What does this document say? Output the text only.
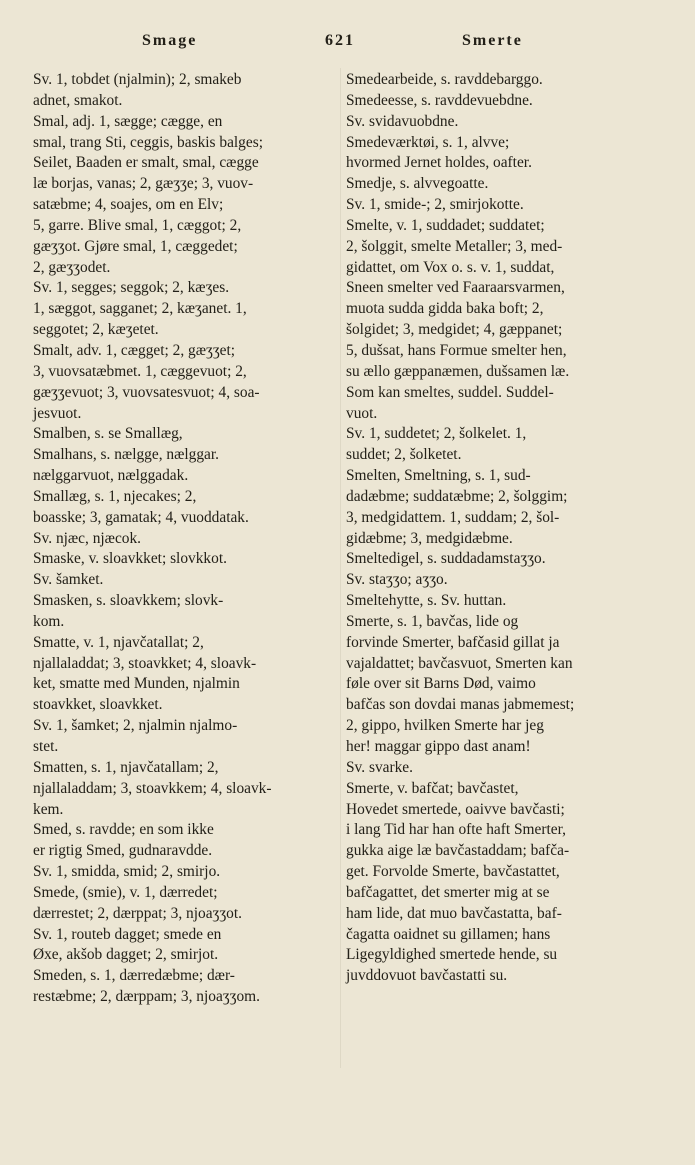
Smage	621	Smerte
Sv. 1, tobdet (njalmin); 2, smakeb
adnet, smakot.
Smal, adj. 1, sægge; cægge, en
smal, trang Sti, ceggis, baskis balges;
Seilet, Baaden er smalt, smal, cægge
læ borjas, vanas; 2, gæʒʒe; 3, vuov-
satæbme; 4, soajes, om en Elv;
5, garre. Blive smal, 1, cæggot; 2,
gæʒʒot. Gjøre smal, 1, cæggedet;
2, gæʒʒodet.
Sv. 1, segges; seggok; 2, kæʒes.
1, sæggot, sagganet; 2, kæʒanet. 1,
seggotet; 2, kæʒetet.
Smalt, adv. 1, cægget; 2, gæʒʒet;
3, vuovsatæbmet. 1, cæggevuot; 2,
gæʒʒevuot; 3, vuovsatesvuot; 4, soa-
jesvuot.
Smalben, s. se Smallæg,
Smalhans, s. nælgge, nælggar.
nælggarvuot, nælggadak.
Smallæg, s. 1, njecakes; 2,
boasske; 3, gamatak; 4, vuoddatak.
Sv. njæc, njæcok.
Smaske, v. sloavkket; slovkkot.
Sv. šamket.
Smasken, s. sloavkkem; slovk-
kom.
Smatte, v. 1, njavčatallat; 2,
njallaladdat; 3, stoavkket; 4, sloavk-
ket, smatte med Munden, njalmin
stoavkket, sloavkket.
Sv. 1, šamket; 2, njalmin njalmo-
stet.
Smatten, s. 1, njavčatallam; 2,
njallaladdam; 3, stoavkkem; 4, sloavk-
kem.
Smed, s. ravdde; en som ikke
er rigtig Smed, gudnaravdde.
Sv. 1, smidda, smid; 2, smirjo.
Smede, (smie), v. 1, dærredet;
dærrestet; 2, dærppat; 3, njoaʒʒot.
Sv. 1, routeb dagget; smede en
Øxe, akšob dagget; 2, smirjot.
Smeden, s. 1, dærredæbme; dær-
restæbme; 2, dærppam; 3, njoaʒʒom.
Smedearbeide, s. ravddebarggo.
Smedeesse, s. ravddevuebdne.
Sv. svidavuobdne.
Smedeværktøi, s. 1, alvve;
hvormed Jernet holdes, oafter.
Smedje, s. alvvegoatte.
Sv. 1, smide-; 2, smirjokotte.
Smelte, v. 1, suddadet; suddatet;
2, šolggit, smelte Metaller; 3, med-
gidattet, om Vox o. s. v. 1, suddat,
Sneen smelter ved Faaraarsvarmen,
muota sudda gidda baka boft; 2,
šolgidet; 3, medgidet; 4, gæppanet;
5, dušsat, hans Formue smelter hen,
su ællo gæppanæmen, dušsamen læ.
Som kan smeltes, suddel. Suddel-
vuot.
Sv. 1, suddetet; 2, šolkelet. 1,
suddet; 2, šolketet.
Smelten, Smeltning, s. 1, sud-
dadæbme; suddatæbme; 2, šolggim;
3, medgidattem. 1, suddam; 2, šol-
gidæbme; 3, medgidæbme.
Smeltedigel, s. suddadamstaʒʒo.
Sv. staʒʒo; aʒʒo.
Smeltehytte, s. Sv. huttan.
Smerte, s. 1, bavčas, lide og
forvinde Smerter, bafčasid gillat ja
vajaldattet; bavčasvuot, Smerten kan
føle over sit Barns Død, vaimo
bafčas son dovdai manas jabmemest;
2, gippo, hvilken Smerte har jeg
her! maggar gippo dast anam!
Sv. svarke.
Smerte, v. bafčat; bavčastet,
Hovedet smertede, oaivve bavčasti;
i lang Tid har han ofte haft Smerter,
gukka aige læ bavčastaddam; bafča-
get. Forvolde Smerte, bavčastattet,
bafčagattet, det smerter mig at se
ham lide, dat muo bavčastatta, baf-
čagatta oaidnet su gillamen; hans
Ligegyldighed smertede hende, su
juvddovuot bavčastatti su.
